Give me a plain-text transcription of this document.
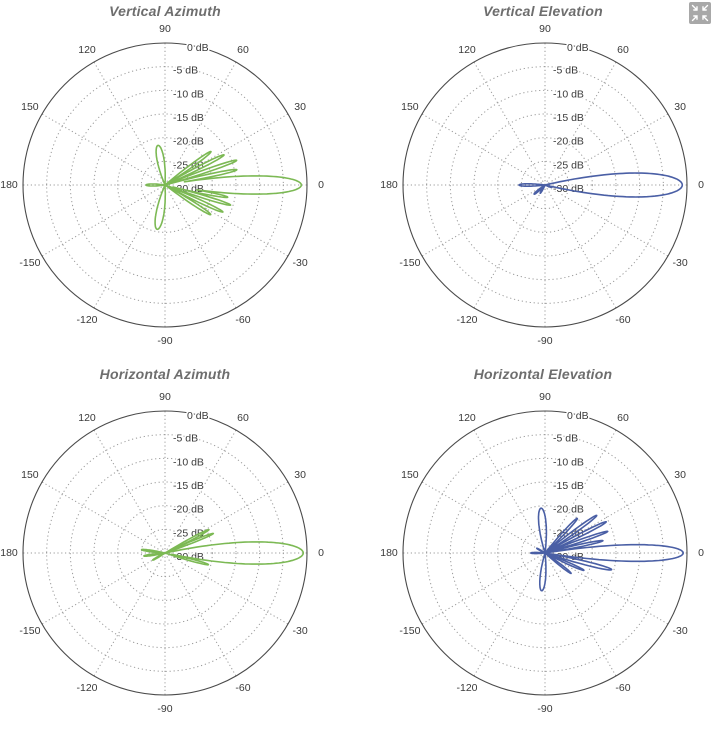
0
30
60
90
120
150
180
-150
-120
-90
-60
-30
0 dB
-5 dB
-10 dB
-15 dB
-20 dB
-25 dB
-30 dB	0
30
60
90
120
150
180
-150
-120
-90
-60
-30
0 dB
-5 dB
-10 dB
-15 dB
-20 dB
-25 dB
-30 dB
0
30
60
90
120
150
180
-150
-120
-90
-60
-30
0 dB
-5 dB
-10 dB
-15 dB
-20 dB
-25 dB
-30 dB	0
30
60
90
120
150
180
-150
-120
-90
-60
-30
0 dB
-5 dB
-10 dB
-15 dB
-20 dB
-25 dB
-30 dB
Vertical Azimuth	Vertical Elevation
Horizontal Azimuth	Horizontal Elevation
